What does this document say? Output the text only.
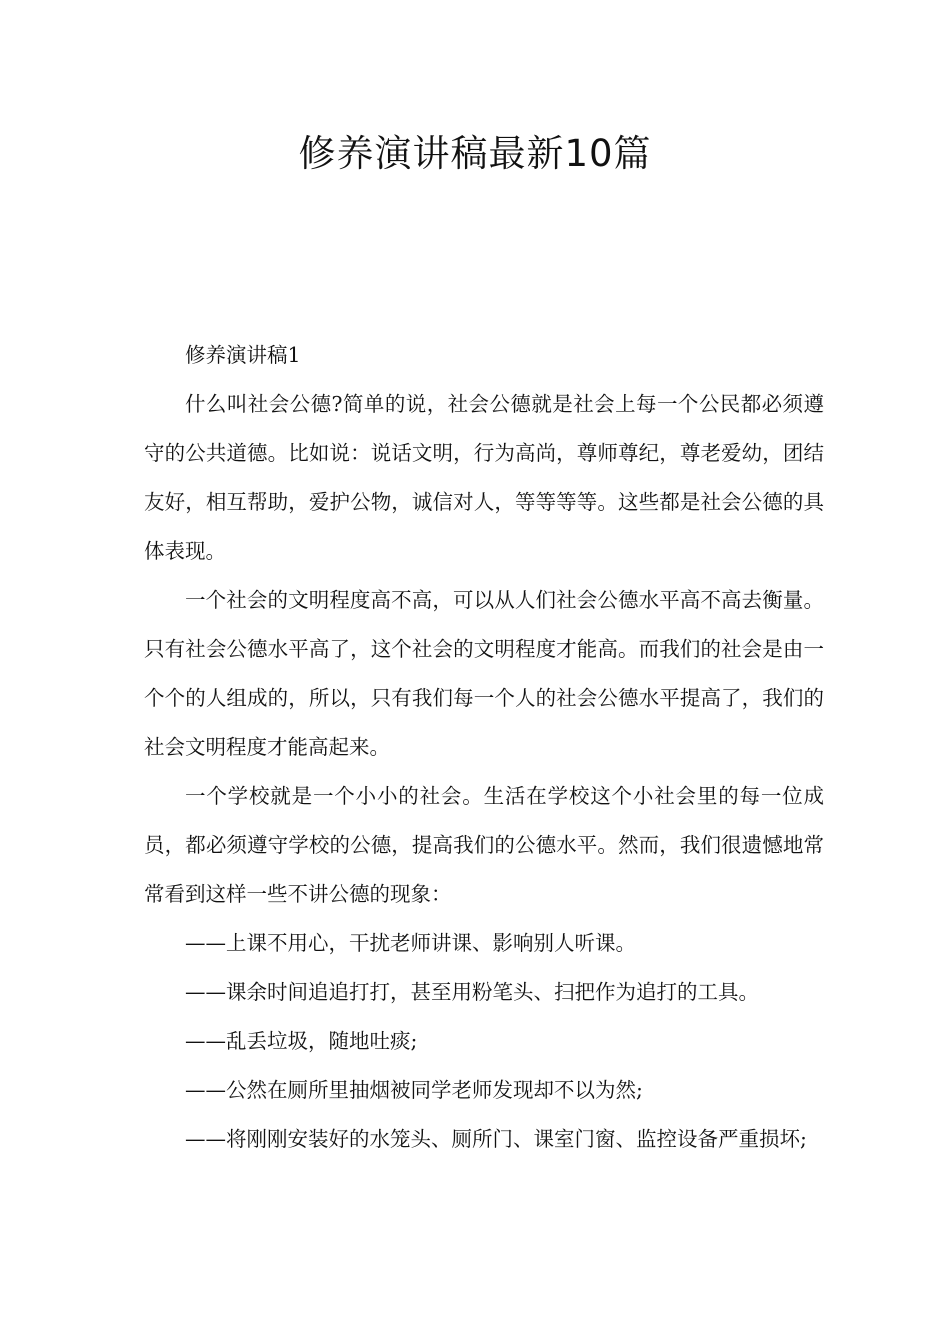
修养演讲稿最新10篇

修养演讲稿1

什么叫社会公德?简单的说，社会公德就是社会上每一个公民都必须遵守的公共道德。比如说：说话文明，行为高尚，尊师尊纪，尊老爱幼，团结友好，相互帮助，爱护公物，诚信对人，等等等等。这些都是社会公德的具体表现。

一个社会的文明程度高不高，可以从人们社会公德水平高不高去衡量。只有社会公德水平高了，这个社会的文明程度才能高。而我们的社会是由一个个的人组成的，所以，只有我们每一个人的社会公德水平提高了，我们的社会文明程度才能高起来。

一个学校就是一个小小的社会。生活在学校这个小社会里的每一位成员，都必须遵守学校的公德，提高我们的公德水平。然而，我们很遗憾地常常看到这样一些不讲公德的现象：

——上课不用心，干扰老师讲课、影响别人听课。

——课余时间追追打打，甚至用粉笔头、扫把作为追打的工具。

——乱丢垃圾，随地吐痰;

——公然在厕所里抽烟被同学老师发现却不以为然;

——将刚刚安装好的水笼头、厕所门、课室门窗、监控设备严重损坏;
